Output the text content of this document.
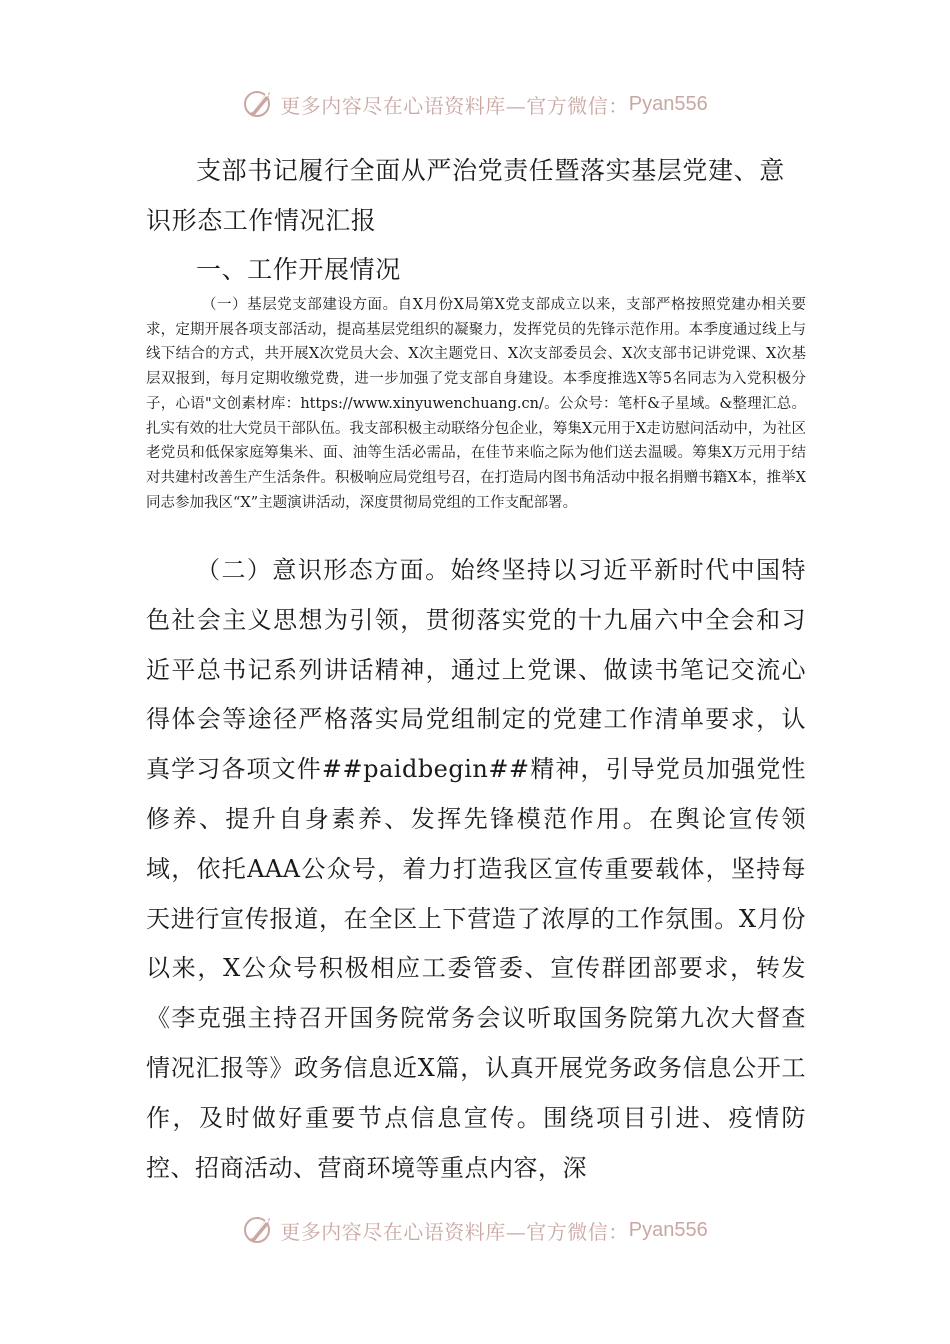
更多内容尽在心语资料库—官方微信： Pyan556

支部书记履行全面从严治党责任暨落实基层党建、意识形态工作情况汇报

一、工作开展情况

（一）基层党支部建设方面。自X月份X局第X党支部成立以来，支部严格按照党建办相关要求，定期开展各项支部活动，提高基层党组织的凝聚力，发挥党员的先锋示范作用。本季度通过线上与线下结合的方式，共开展X次党员大会、X次主题党日、X次支部委员会、X次支部书记讲党课、X次基层双报到，每月定期收缴党费，进一步加强了党支部自身建设。本季度推选X等5名同志为入党积极分子，心语"文创素材库：https://www.xinyuwenchuang.cn/。公众号：笔杆&子星域。&整理汇总。扎实有效的壮大党员干部队伍。我支部积极主动联络分包企业，筹集X元用于X走访慰问活动中，为社区老党员和低保家庭筹集米、面、油等生活必需品，在佳节来临之际为他们送去温暖。筹集X万元用于结对共建村改善生产生活条件。积极响应局党组号召，在打造局内图书角活动中报名捐赠书籍X本，推举X同志参加我区“X”主题演讲活动，深度贯彻局党组的工作支配部署。

（二）意识形态方面。始终坚持以习近平新时代中国特色社会主义思想为引领，贯彻落实党的十九届六中全会和习近平总书记系列讲话精神，通过上党课、做读书笔记交流心得体会等途径严格落实局党组制定的党建工作清单要求，认真学习各项文件##paidbegin##精神，引导党员加强党性修养、提升自身素养、发挥先锋模范作用。在舆论宣传领域，依托AAA公众号，着力打造我区宣传重要载体，坚持每天进行宣传报道，在全区上下营造了浓厚的工作氛围。X月份以来，X公众号积极相应工委管委、宣传群团部要求，转发《李克强主持召开国务院常务会议听取国务院第九次大督查情况汇报等》政务信息近X篇，认真开展党务政务信息公开工作，及时做好重要节点信息宣传。围绕项目引进、疫情防控、招商活动、营商环境等重点内容，深

更多内容尽在心语资料库—官方微信： Pyan556
